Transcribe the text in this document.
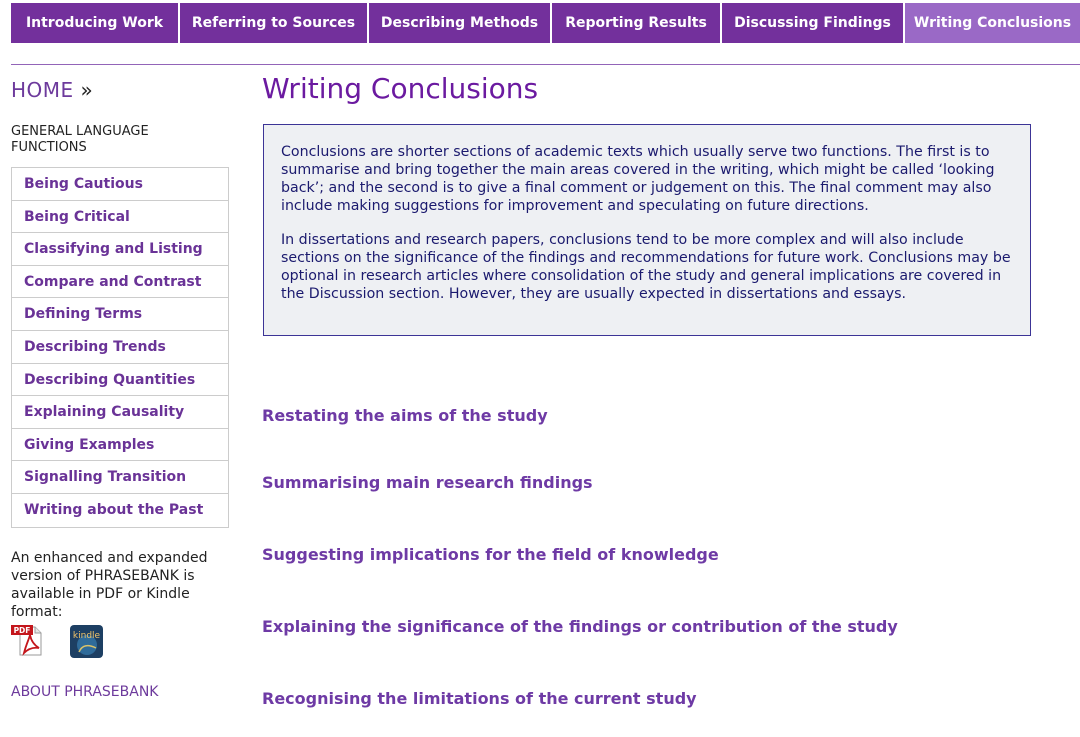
Introducing Work	Referring to Sources	Describing Methods	Reporting Results	Discussing Findings	Writing Conclusions
HOME »
GENERAL LANGUAGE FUNCTIONS
Being Cautious
Being Critical
Classifying and Listing
Compare and Contrast
Defining Terms
Describing Trends
Describing Quantities
Explaining Causality
Giving Examples
Signalling Transition
Writing about the Past
An enhanced and expanded version of PHRASEBANK is available in PDF or Kindle format:
PDF
kindle
ABOUT PHRASEBANK
Writing Conclusions

Conclusions are shorter sections of academic texts which usually serve two functions. The first is to summarise and bring together the main areas covered in the writing, which might be called ‘looking back’; and the second is to give a final comment or judgement on this. The final comment may also include making suggestions for improvement and speculating on future directions.

In dissertations and research papers, conclusions tend to be more complex and will also include sections on the significance of the findings and recommendations for future work. Conclusions may be optional in research articles where consolidation of the study and general implications are covered in the Discussion section. However, they are usually expected in dissertations and essays.

Restating the aims of the study
Summarising main research findings
Suggesting implications for the field of knowledge
Explaining the significance of the findings or contribution of the study
Recognising the limitations of the current study
